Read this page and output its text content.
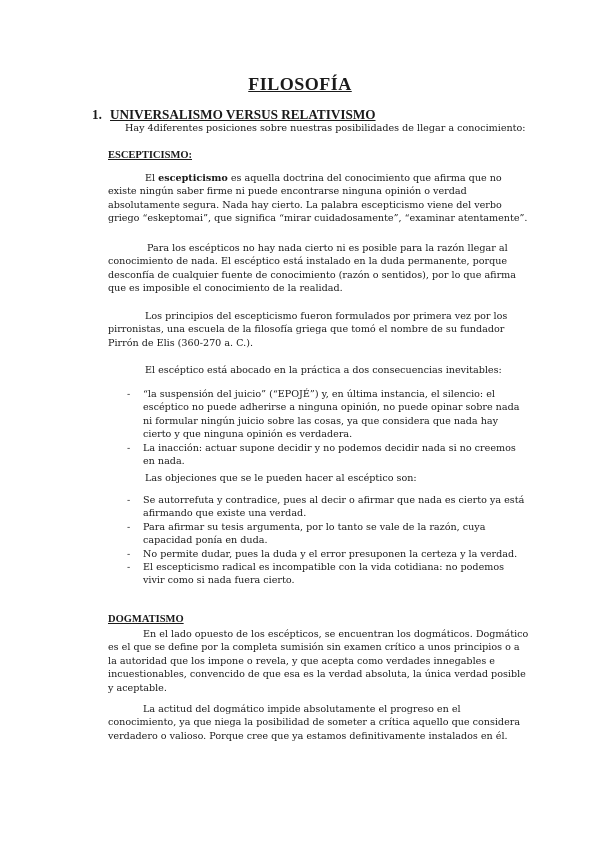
FILOSOFÍA
1. UNIVERSALISMO VERSUS RELATIVISMO
Hay 4diferentes posiciones sobre nuestras posibilidades de llegar a conocimiento:
ESCEPTICISMO:
El escepticismo es aquella doctrina del conocimiento que afirma que no
existe ningún saber firme ni puede encontrarse ninguna opinión o verdad
absolutamente segura. Nada hay cierto. La palabra escepticismo viene del verbo
griego “eskeptomai”, que significa “mirar cuidadosamente”, “examinar atentamente”.
Para los escépticos no hay nada cierto ni es posible para la razón llegar al
conocimiento de nada. El escéptico está instalado en la duda permanente, porque
desconfía de cualquier fuente de conocimiento (razón o sentidos), por lo que afirma
que es imposible el conocimiento de la realidad.
Los principios del escepticismo fueron formulados por primera vez por los
pirronistas, una escuela de la filosofía griega que tomó el nombre de su fundador
Pirrón de Elis (360-270 a. C.).
El escéptico está abocado en la práctica a dos consecuencias inevitables:
- “la suspensión del juicio” (“EPOJÉ”) y, en última instancia, el silencio: el
escéptico no puede adherirse a ninguna opinión, no puede opinar sobre nada
ni formular ningún juicio sobre las cosas, ya que considera que nada hay
cierto y que ninguna opinión es verdadera.
- La inacción: actuar supone decidir y no podemos decidir nada si no creemos
en nada.
Las objeciones que se le pueden hacer al escéptico son:
- Se autorrefuta y contradice, pues al decir o afirmar que nada es cierto ya está
afirmando que existe una verdad.
- Para afirmar su tesis argumenta, por lo tanto se vale de la razón, cuya
capacidad ponía en duda.
- No permite dudar, pues la duda y el error presuponen la certeza y la verdad.
- El escepticismo radical es incompatible con la vida cotidiana: no podemos
vivir como si nada fuera cierto.
DOGMATISMO
En el lado opuesto de los escépticos, se encuentran los dogmáticos. Dogmático
es el que se define por la completa sumisión sin examen crítico a unos principios o a
la autoridad que los impone o revela, y que acepta como verdades innegables e
incuestionables, convencido de que esa es la verdad absoluta, la única verdad posible
y aceptable.
La actitud del dogmático impide absolutamente el progreso en el
conocimiento, ya que niega la posibilidad de someter a crítica aquello que considera
verdadero o valioso. Porque cree que ya estamos definitivamente instalados en él.
